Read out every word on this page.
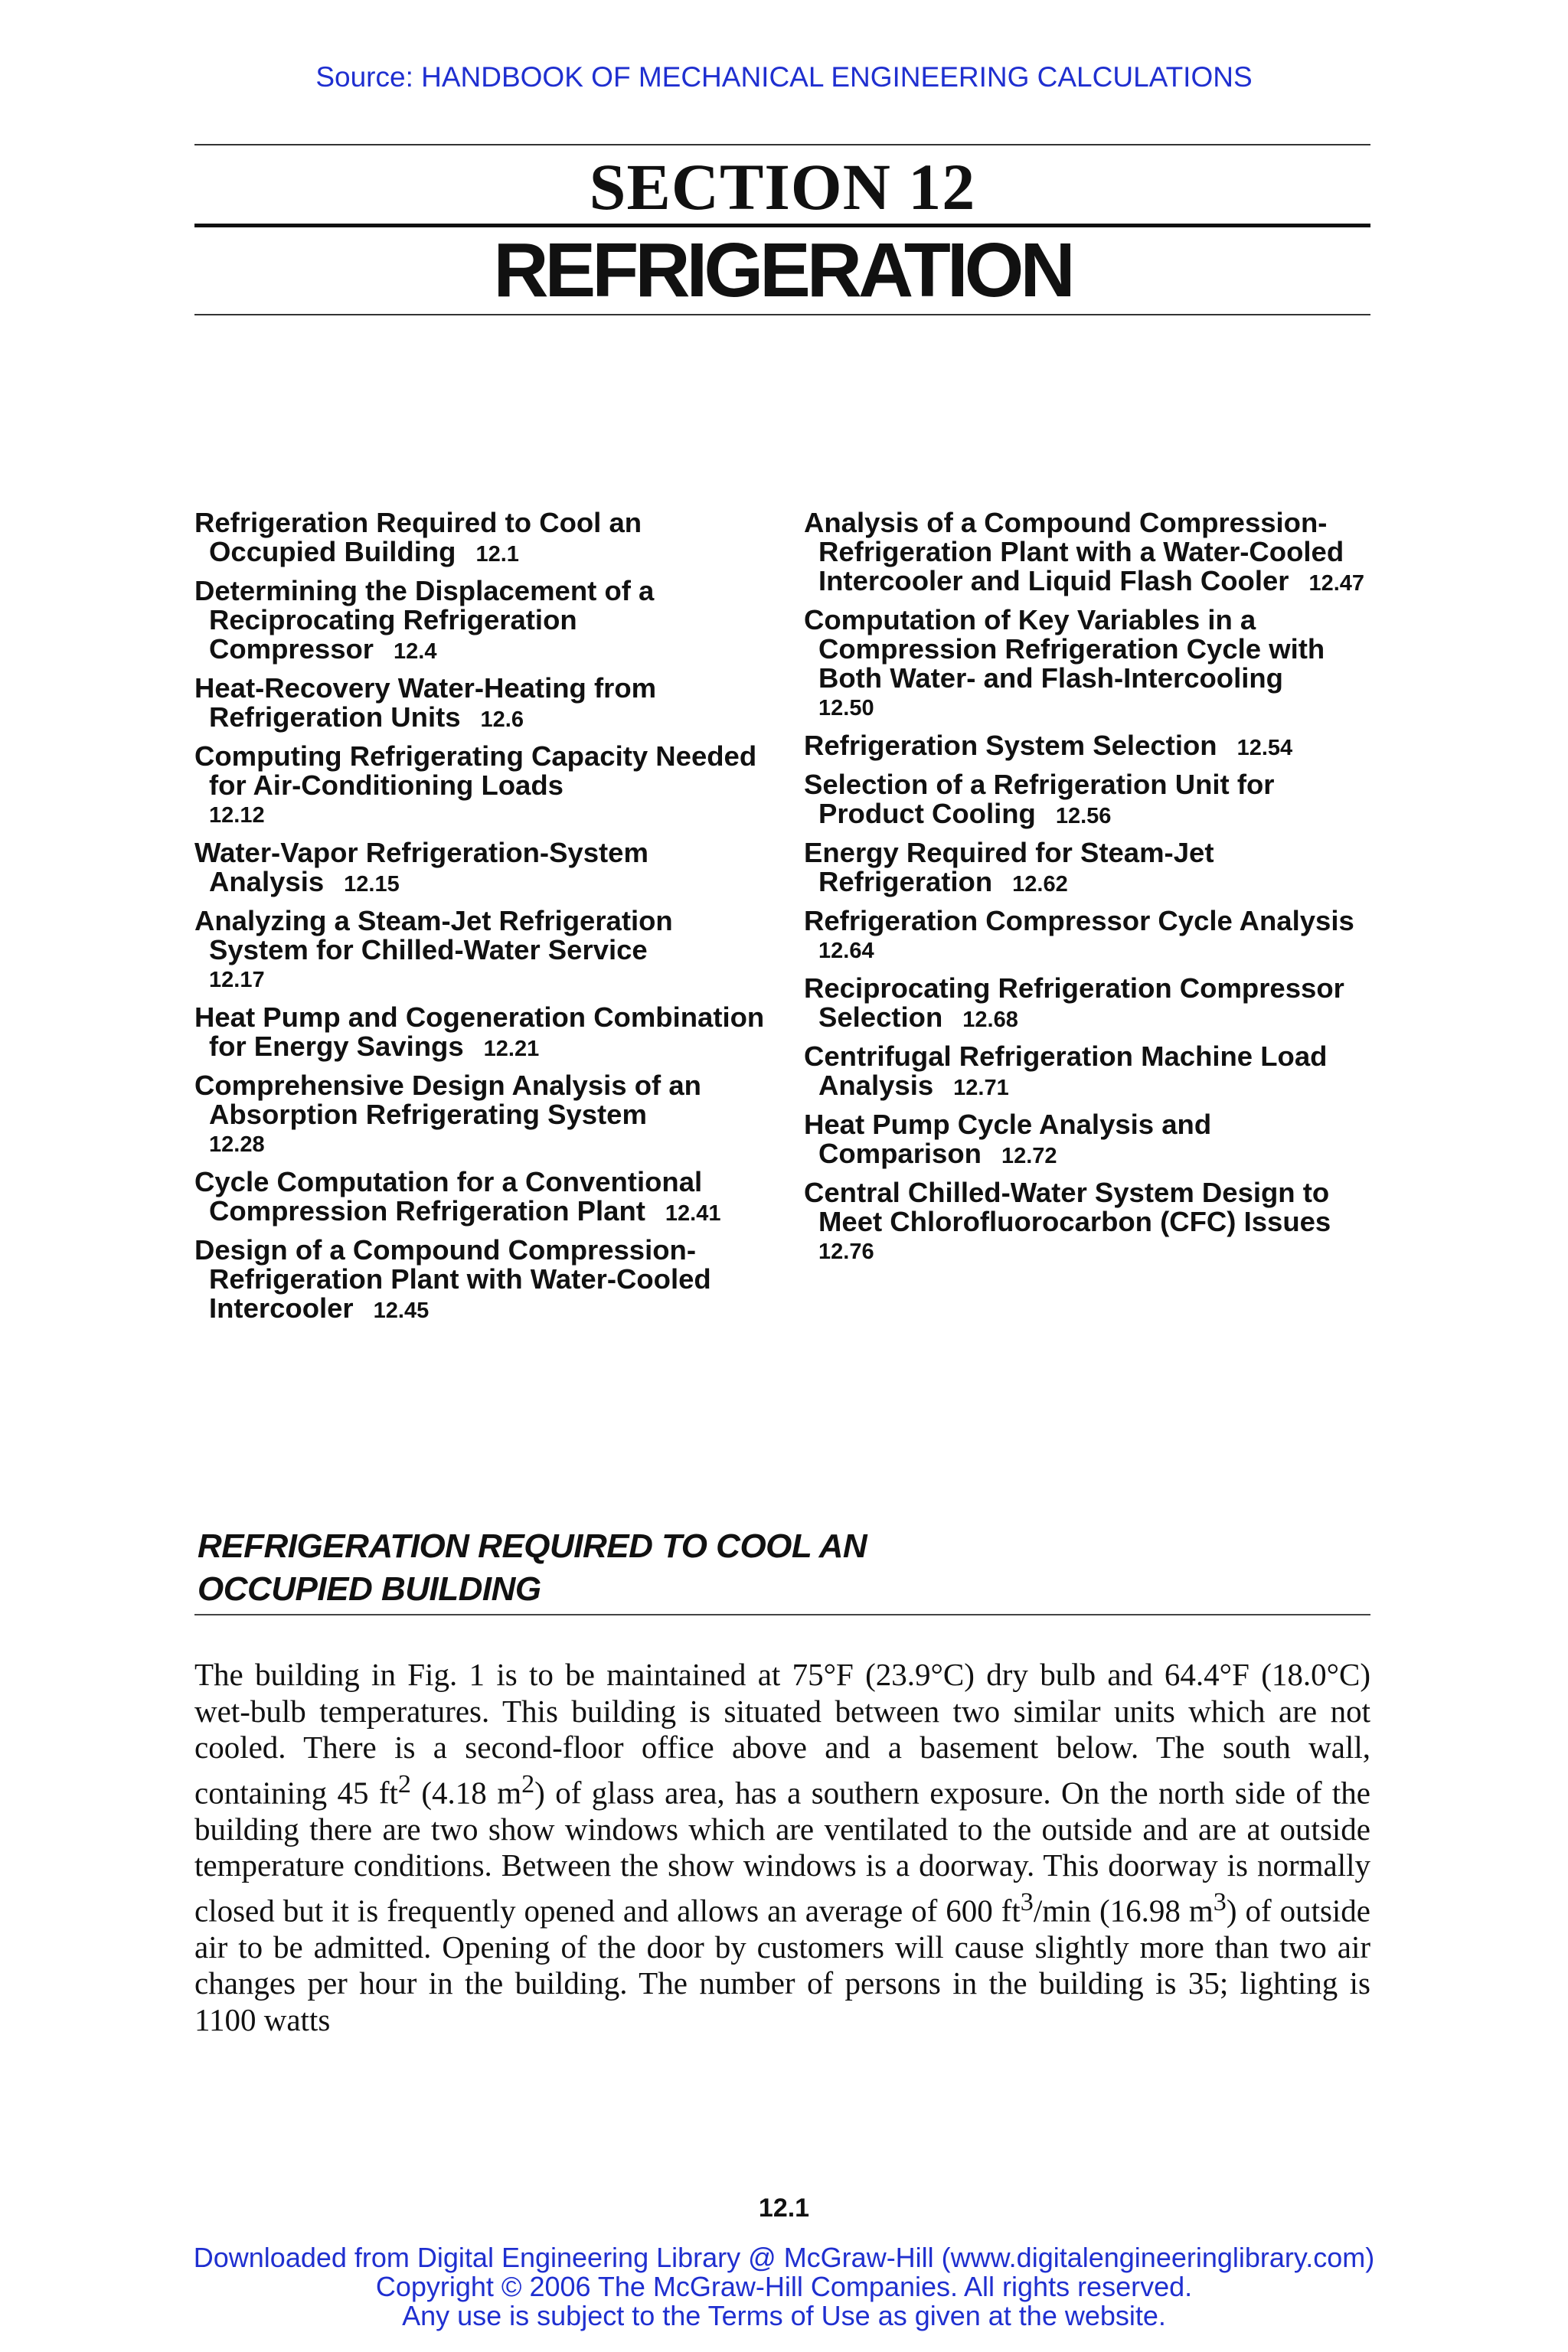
Source: HANDBOOK OF MECHANICAL ENGINEERING CALCULATIONS
SECTION 12
REFRIGERATION
Refrigeration Required to Cool an Occupied Building 12.1
Determining the Displacement of a Reciprocating Refrigeration Compressor 12.4
Heat-Recovery Water-Heating from Refrigeration Units 12.6
Computing Refrigerating Capacity Needed for Air-Conditioning Loads
12.12
Water-Vapor Refrigeration-System Analysis 12.15
Analyzing a Steam-Jet Refrigeration System for Chilled-Water Service
12.17
Heat Pump and Cogeneration Combination for Energy Savings 12.21
Comprehensive Design Analysis of an Absorption Refrigerating System
12.28
Cycle Computation for a Conventional Compression Refrigeration Plant 12.41
Design of a Compound Compression-Refrigeration Plant with Water-Cooled Intercooler 12.45
Analysis of a Compound Compression-Refrigeration Plant with a Water-Cooled Intercooler and Liquid Flash Cooler 12.47
Computation of Key Variables in a Compression Refrigeration Cycle with Both Water- and Flash-Intercooling
12.50
Refrigeration System Selection 12.54
Selection of a Refrigeration Unit for Product Cooling 12.56
Energy Required for Steam-Jet Refrigeration 12.62
Refrigeration Compressor Cycle Analysis
12.64
Reciprocating Refrigeration Compressor Selection 12.68
Centrifugal Refrigeration Machine Load Analysis 12.71
Heat Pump Cycle Analysis and Comparison 12.72
Central Chilled-Water System Design to Meet Chlorofluorocarbon (CFC) Issues
12.76
REFRIGERATION REQUIRED TO COOL AN
OCCUPIED BUILDING

The building in Fig. 1 is to be maintained at 75°F (23.9°C) dry bulb and 64.4°F (18.0°C) wet-bulb temperatures. This building is situated between two similar units which are not cooled. There is a second-floor office above and a basement below. The south wall, containing 45 $ft^2$ (4.18 $m^2$) of glass area, has a southern exposure. On the north side of the building there are two show windows which are ventilated to the outside and are at outside temperature conditions. Between the show windows is a doorway. This doorway is normally closed but it is frequently opened and allows an average of 600 $ft^3/\min$ (16.98 $m^3$) of outside air to be admitted. Opening of the door by customers will cause slightly more than two air changes per hour in the building. The number of persons in the building is 35; lighting is 1100 watts

12.1
Downloaded from Digital Engineering Library @ McGraw-Hill (www.digitalengineeringlibrary.com)
Copyright © 2006 The McGraw-Hill Companies. All rights reserved.
Any use is subject to the Terms of Use as given at the website.
